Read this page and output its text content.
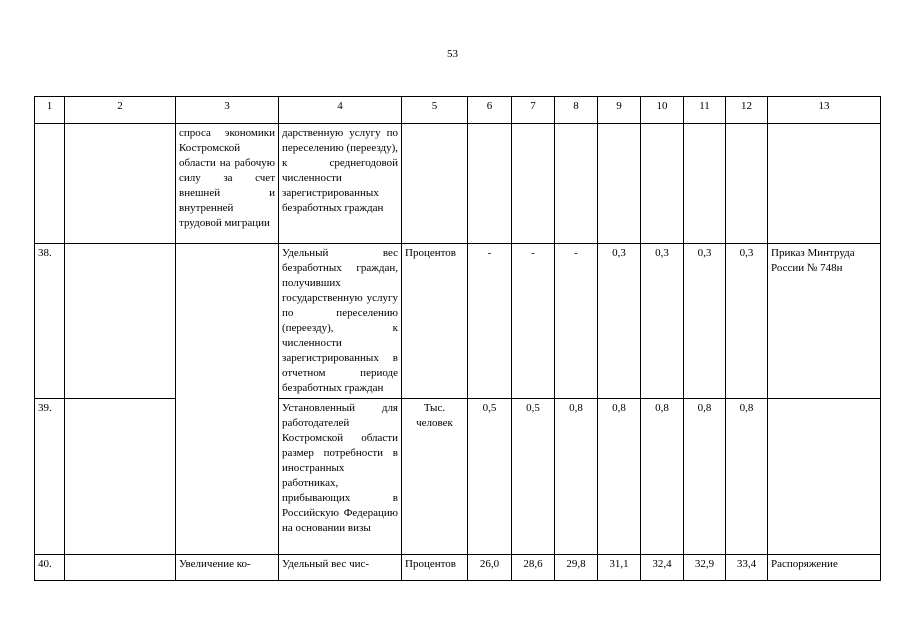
53
1	2	3	4	5	6	7	8	9	10	11	12	13
		спроса экономики Костромской области на рабочую силу за счет внешней и внутренней трудовой миграции	дарственную услугу по переселению (переезду), к среднегодовой численности зарегистрированных безработных граждан									
38.			Удельный вес безработных граждан, получивших государственную услугу по переселению (переезду), к численности зарегистрированных в отчетном периоде безработных граждан	Процентов	-	-	-	0,3	0,3	0,3	0,3	Приказ Минтруда России № 748н
39.			Установленный для работодателей Костромской области размер потребности в иностранных работниках, прибывающих в Российскую Федерацию на основании визы	Тыс. человек	0,5	0,5	0,8	0,8	0,8	0,8	0,8	
40.		Увеличение ко-	Удельный вес чис-	Процентов	26,0	28,6	29,8	31,1	32,4	32,9	33,4	Распоряжение
